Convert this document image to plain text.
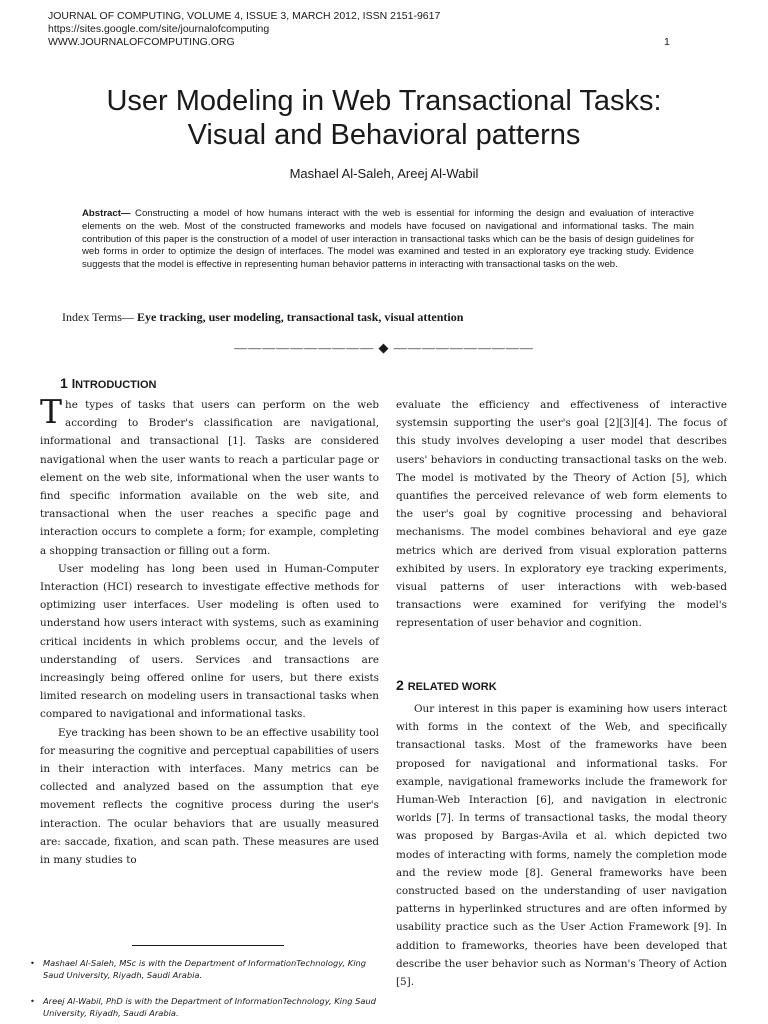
JOURNAL OF COMPUTING, VOLUME 4, ISSUE 3, MARCH 2012, ISSN 2151-9617
https://sites.google.com/site/journalofcomputing
WWW.JOURNALOFCOMPUTING.ORG	1
User Modeling in Web Transactional Tasks:
Visual and Behavioral patterns
Mashael Al-Saleh, Areej Al-Wabil
Abstract— Constructing a model of how humans interact with the web is essential for informing the design and evaluation of interactive elements on the web. Most of the constructed frameworks and models have focused on navigational and informational tasks. The main contribution of this paper is the construction of a model of user interaction in transactional tasks which can be the basis of design guidelines for web forms in order to optimize the design of interfaces. The model was examined and tested in an exploratory eye tracking study. Evidence suggests that the model is effective in representing human behavior patterns in interacting with transactional tasks on the web.
Index Terms— Eye tracking, user modeling, transactional task, visual attention
—————————— ◆ ——————————
1 INTRODUCTION

The types of tasks that users can perform on the web according to Broder's classification are navigational, informational and transactional [1]. Tasks are considered navigational when the user wants to reach a particular page or element on the web site, informational when the user wants to find specific information available on the web site, and transactional when the user reaches a specific page and interaction occurs to complete a form; for example, completing a shopping transaction or filling out a form.

User modeling has long been used in Human-Computer Interaction (HCI) research to investigate effective methods for optimizing user interfaces. User modeling is often used to understand how users interact with systems, such as examining critical incidents in which problems occur, and the levels of understanding of users. Services and transactions are increasingly being offered online for users, but there exists limited research on modeling users in transactional tasks when compared to navigational and informational tasks.

Eye tracking has been shown to be an effective usability tool for measuring the cognitive and perceptual capabilities of users in their interaction with interfaces. Many metrics can be collected and analyzed based on the assumption that eye movement reflects the cognitive process during the user's interaction. The ocular behaviors that are usually measured are: saccade, fixation, and scan path. These measures are used in many studies to

evaluate the efficiency and effectiveness of interactive systemsin supporting the user's goal [2][3][4]. The focus of this study involves developing a user model that describes users' behaviors in conducting transactional tasks on the web. The model is motivated by the Theory of Action [5], which quantifies the perceived relevance of web form elements to the user's goal by cognitive processing and behavioral mechanisms. The model combines behavioral and eye gaze metrics which are derived from visual exploration patterns exhibited by users. In exploratory eye tracking experiments, visual patterns of user interactions with web-based transactions were examined for verifying the model's representation of user behavior and cognition.

2 RELATED WORK

Our interest in this paper is examining how users interact with forms in the context of the Web, and specifically transactional tasks. Most of the frameworks have been proposed for navigational and informational tasks. For example, navigational frameworks include the framework for Human-Web Interaction [6], and navigation in electronic worlds [7]. In terms of transactional tasks, the modal theory was proposed by Bargas-Avila et al. which depicted two modes of interacting with forms, namely the completion mode and the review mode [8]. General frameworks have been constructed based on the understanding of user navigation patterns in hyperlinked structures and are often informed by usability practice such as the User Action Framework [9]. In addition to frameworks, theories have been developed that describe the user behavior such as Norman's Theory of Action [5].

• Mashael Al-Saleh, MSc is with the Department of InformationTechnology, King Saud University, Riyadh, Saudi Arabia.
• Areej Al-Wabil, PhD is with the Department of InformationTechnology, King Saud University, Riyadh, Saudi Arabia.
